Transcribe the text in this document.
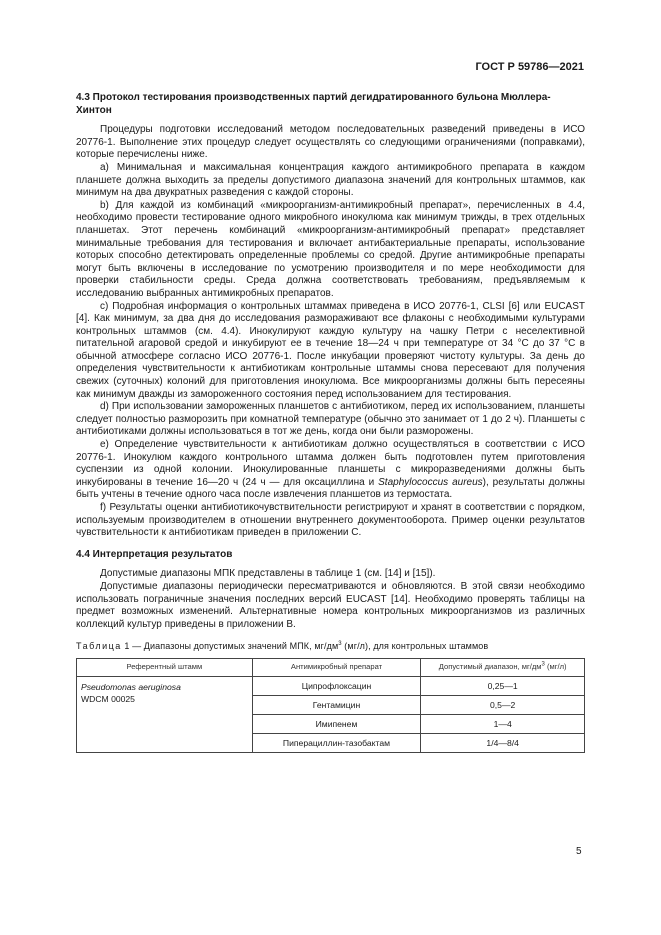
ГОСТ Р 59786—2021
4.3 Протокол тестирования производственных партий дегидратированного бульона Мюллера-Хинтон

Процедуры подготовки исследований методом последовательных разведений приведены в ИСО 20776-1. Выполнение этих процедур следует осуществлять со следующими ограничениями (поправками), которые перечислены ниже.

a) Минимальная и максимальная концентрация каждого антимикробного препарата в каждом планшете должна выходить за пределы допустимого диапазона значений для контрольных штаммов, как минимум на два двукратных разведения с каждой стороны.

b) Для каждой из комбинаций «микроорганизм-антимикробный препарат», перечисленных в 4.4, необходимо провести тестирование одного микробного инокулюма как минимум трижды, в трех отдельных планшетах. Этот перечень комбинаций «микроорганизм-антимикробный препарат» представляет минимальные требования для тестирования и включает антибактериальные препараты, использование которых способно детектировать определенные проблемы со средой. Другие антимикробные препараты могут быть включены в исследование по усмотрению производителя и по мере необходимости для проверки стабильности среды. Среда должна соответствовать требованиям, предъявляемым к исследованию выбранных антимикробных препаратов.

c) Подробная информация о контрольных штаммах приведена в ИСО 20776-1, CLSI [6] или EUCAST [4]. Как минимум, за два дня до исследования размораживают все флаконы с необходимыми культурами контрольных штаммов (см. 4.4). Инокулируют каждую культуру на чашку Петри с неселективной питательной агаровой средой и инкубируют ее в течение 18—24 ч при температуре от 34 °C до 37 °C в обычной атмосфере согласно ИСО 20776-1. После инкубации проверяют чистоту культуры. За день до определения чувствительности к антибиотикам контрольные штаммы снова пересевают для получения свежих (суточных) колоний для приготовления инокулюма. Все микроорганизмы должны быть пересеяны как минимум дважды из замороженного состояния перед использованием для тестирования.

d) При использовании замороженных планшетов с антибиотиком, перед их использованием, планшеты следует полностью разморозить при комнатной температуре (обычно это занимает от 1 до 2 ч). Планшеты с антибиотиками должны использоваться в тот же день, когда они были разморожены.

e) Определение чувствительности к антибиотикам должно осуществляться в соответствии с ИСО 20776-1. Инокулюм каждого контрольного штамма должен быть подготовлен путем приготовления суспензии из одной колонии. Инокулированные планшеты с микроразведениями должны быть инкубированы в течение 16—20 ч (24 ч — для оксациллина и Staphylococcus aureus), результаты должны быть учтены в течение одного часа после извлечения планшетов из термостата.

f) Результаты оценки антибиотикочувствительности регистрируют и хранят в соответствии с порядком, используемым производителем в отношении внутреннего документооборота. Пример оценки результатов чувствительности к антибиотикам приведен в приложении С.

4.4 Интерпретация результатов

Допустимые диапазоны МПК представлены в таблице 1 (см. [14] и [15]).

Допустимые диапазоны периодически пересматриваются и обновляются. В этой связи необходимо использовать пограничные значения последних версий EUCAST [14]. Необходимо проверять таблицы на предмет возможных изменений. Альтернативные номера контрольных микроорганизмов из различных коллекций культур приведены в приложении В.

Таблица 1 — Диапазоны допустимых значений МПК, $мг/дм^3$ (мг/л), для контрольных штаммов

Референтный штамм	Антимикробный препарат	Допустимый диапазон, $мг/дм^3$ (мг/л)
Pseudomonas aeruginosa
WDCM 00025	Ципрофлоксацин	0,25—1
	Гентамицин	0,5—2
	Имипенем	1—4
	Пиперациллин-тазобактам	1/4—8/4
5
